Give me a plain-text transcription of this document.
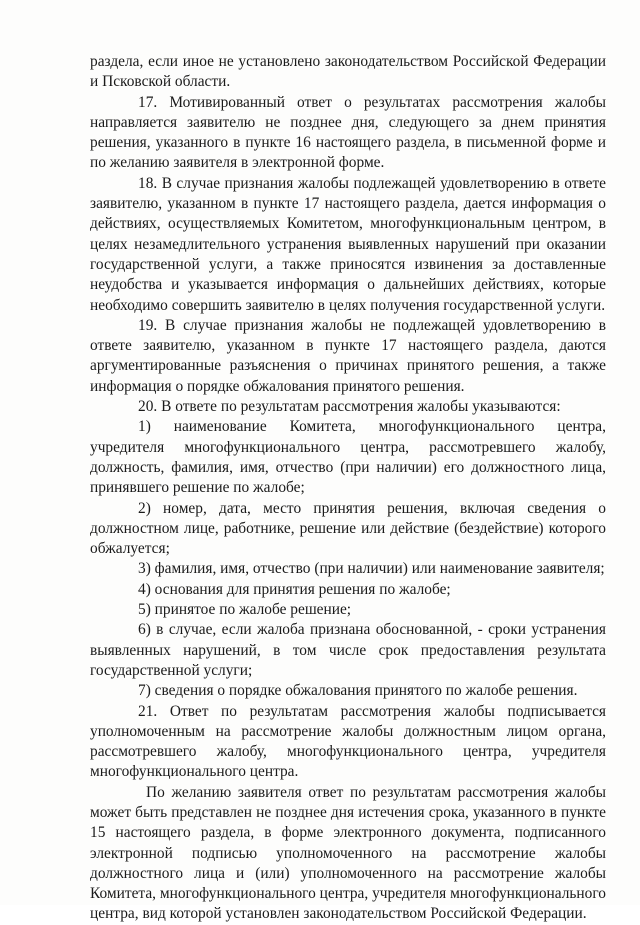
раздела, если иное не установлено законодательством Российской Федерации и Псковской области.

17. Мотивированный ответ о результатах рассмотрения жалобы направляется заявителю не позднее дня, следующего за днем принятия решения, указанного в пункте 16 настоящего раздела, в письменной форме и по желанию заявителя в электронной форме.

18. В случае признания жалобы подлежащей удовлетворению в ответе заявителю, указанном в пункте 17 настоящего раздела, дается информация о действиях, осуществляемых Комитетом, многофункциональным центром, в целях незамедлительного устранения выявленных нарушений при оказании государственной услуги, а также приносятся извинения за доставленные неудобства и указывается информация о дальнейших действиях, которые необходимо совершить заявителю в целях получения государственной услуги.

19. В случае признания жалобы не подлежащей удовлетворению в ответе заявителю, указанном в пункте 17 настоящего раздела, даются аргументированные разъяснения о причинах принятого решения, а также информация о порядке обжалования принятого решения.

20. В ответе по результатам рассмотрения жалобы указываются:

1) наименование Комитета, многофункционального центра, учредителя многофункционального центра, рассмотревшего жалобу, должность, фамилия, имя, отчество (при наличии) его должностного лица, принявшего решение по жалобе;

2) номер, дата, место принятия решения, включая сведения о должностном лице, работнике, решение или действие (бездействие) которого обжалуется;

3) фамилия, имя, отчество (при наличии) или наименование заявителя;

4) основания для принятия решения по жалобе;

5) принятое по жалобе решение;

6) в случае, если жалоба признана обоснованной, - сроки устранения выявленных нарушений, в том числе срок предоставления результата государственной услуги;

7) сведения о порядке обжалования принятого по жалобе решения.

21. Ответ по результатам рассмотрения жалобы подписывается уполномоченным на рассмотрение жалобы должностным лицом органа, рассмотревшего жалобу, многофункционального центра, учредителя многофункционального центра.

По желанию заявителя ответ по результатам рассмотрения жалобы может быть представлен не позднее дня истечения срока, указанного в пункте 15 настоящего раздела, в форме электронного документа, подписанного электронной подписью уполномоченного на рассмотрение жалобы должностного лица и (или) уполномоченного на рассмотрение жалобы Комитета, многофункционального центра, учредителя многофункционального центра, вид которой установлен законодательством Российской Федерации.
